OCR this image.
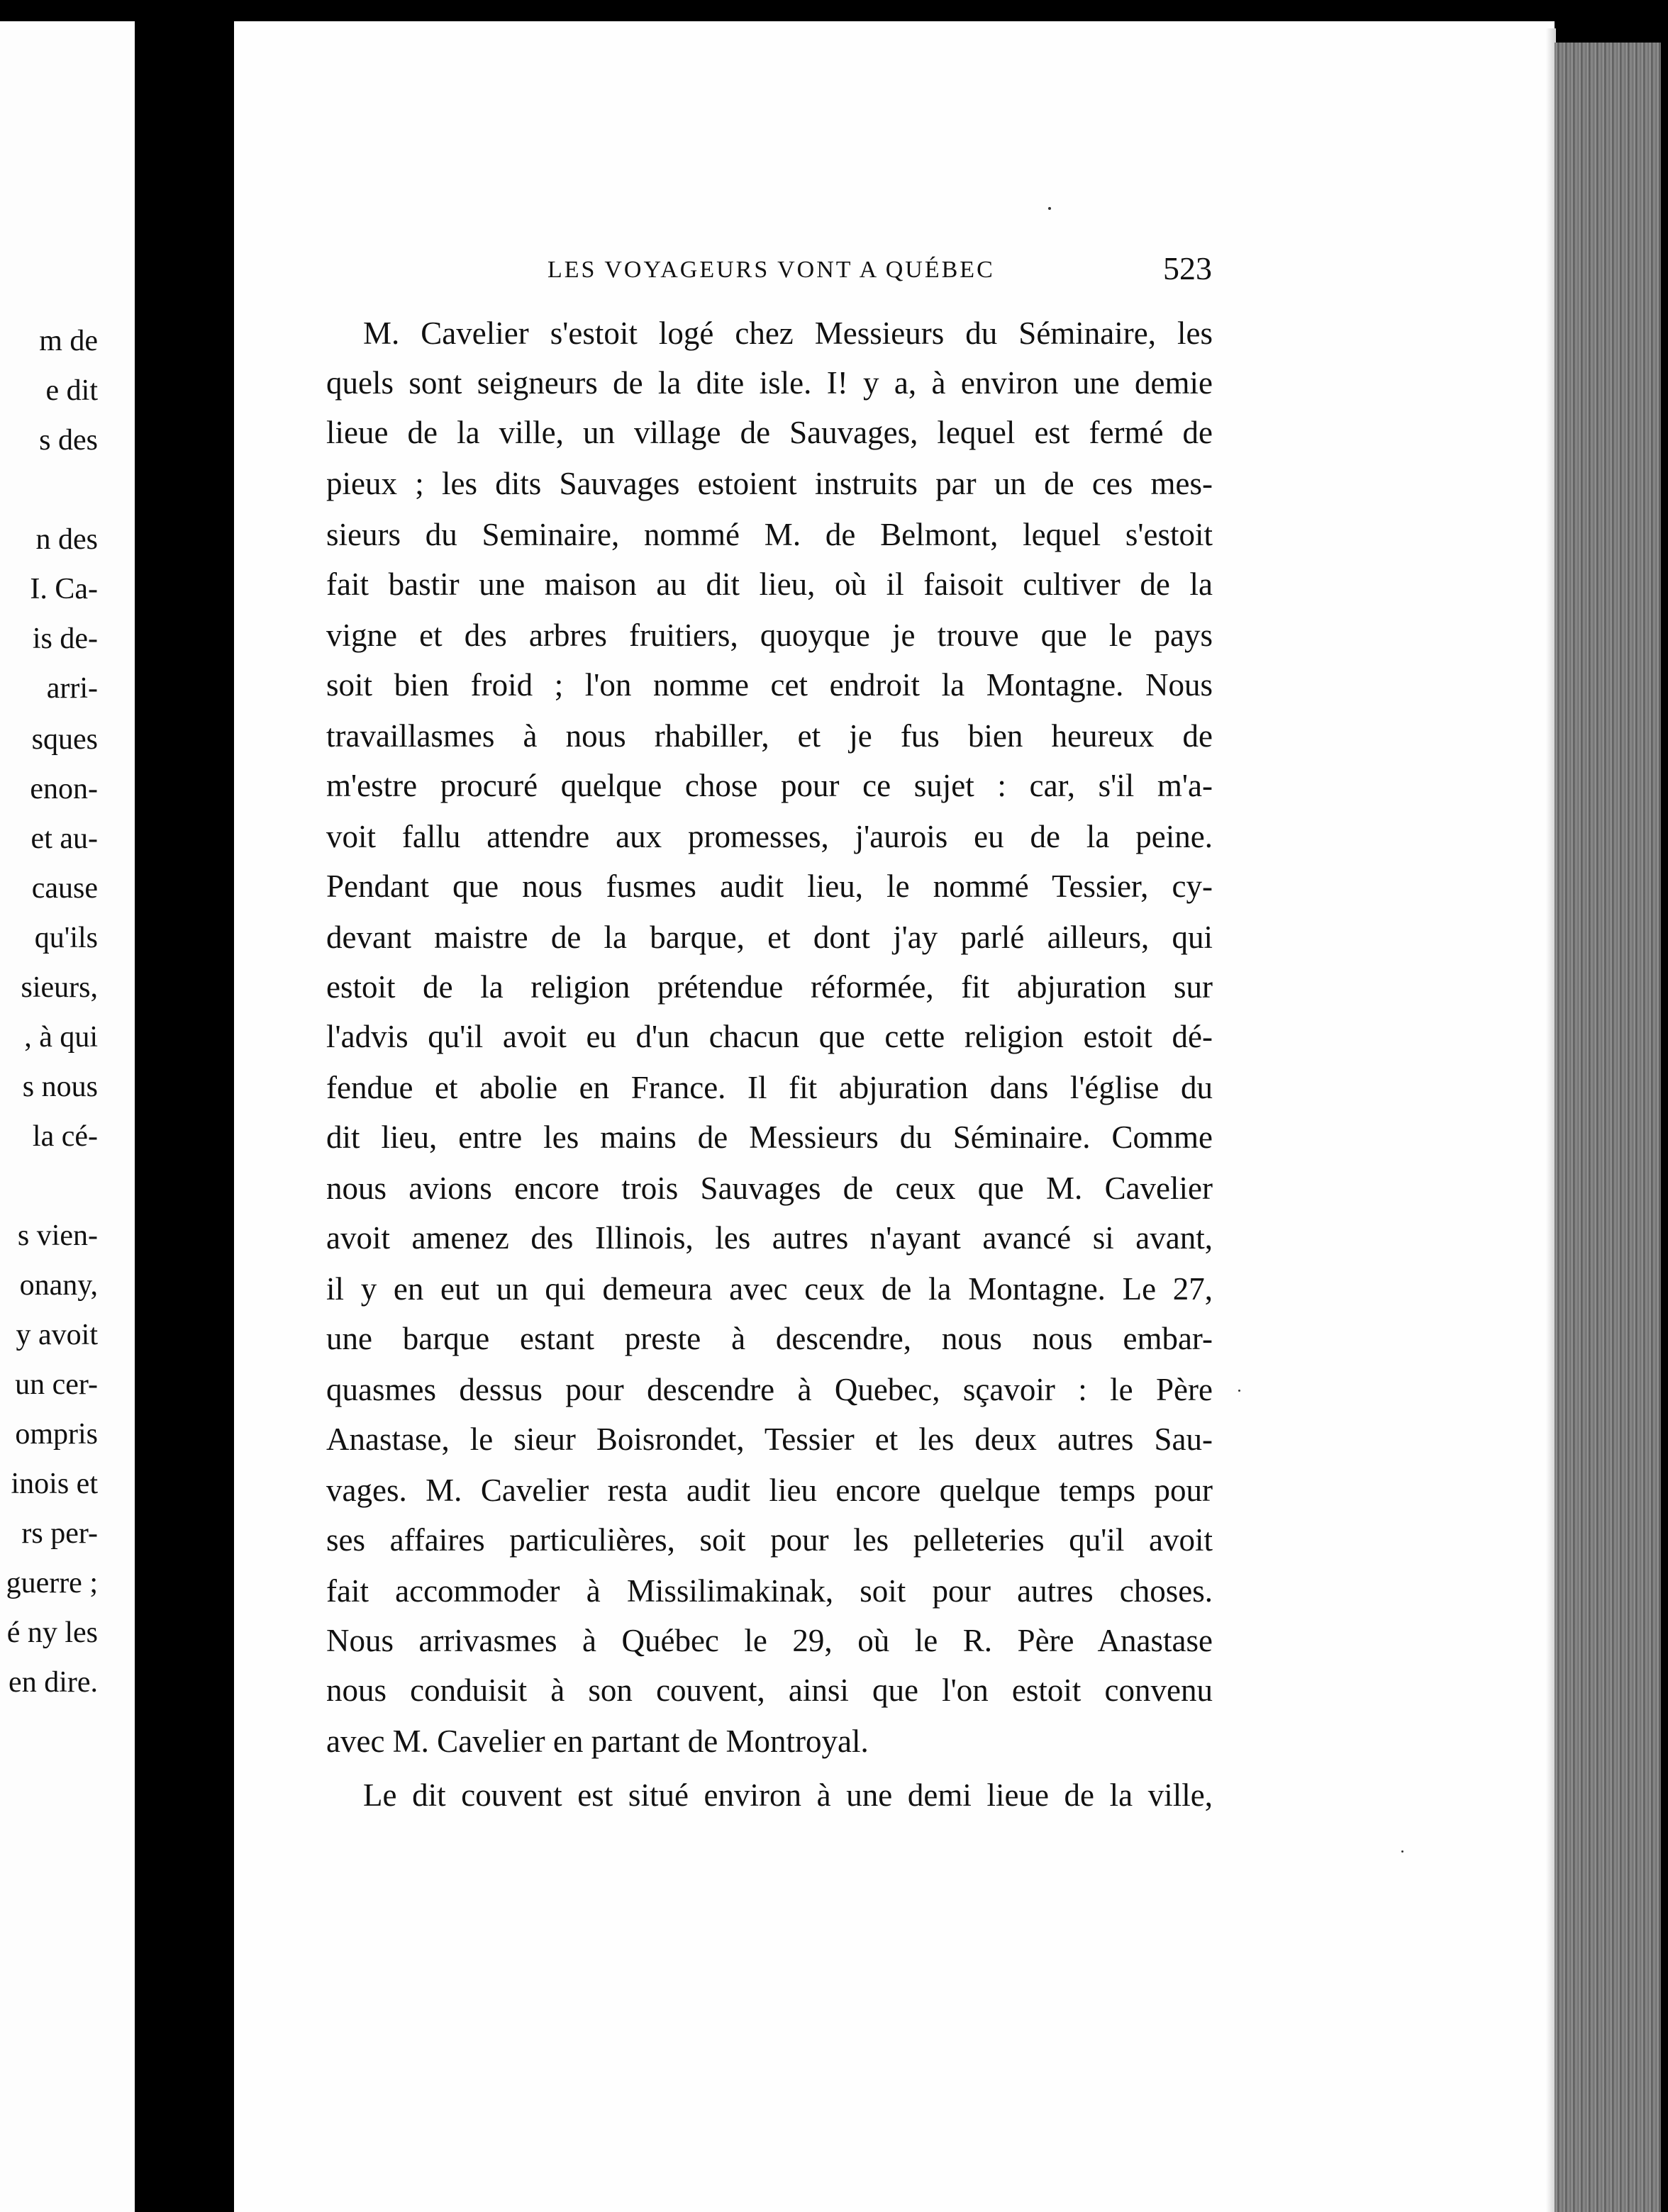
m de
e dit
s des
n des
I. Ca-
is de-
arri-
sques
enon-
et au-
cause
qu'ils
sieurs,
, à qui
s nous
la cé-
s vien-
onany,
y avoit
un cer-
ompris
inois et
rs per-
guerre ;
é ny les
en dire.
LES VOYAGEURS VONT A QUÉBEC	523
M. Cavelier s'estoit logé chez Messieurs du Séminaire, les
quels sont seigneurs de la dite isle. I! y a, à environ une demie
lieue de la ville, un village de Sauvages, lequel est fermé de
pieux ; les dits Sauvages estoient instruits par un de ces mes-
sieurs du Seminaire, nommé M. de Belmont, lequel s'estoit
fait bastir une maison au dit lieu, où il faisoit cultiver de la
vigne et des arbres fruitiers, quoyque je trouve que le pays
soit bien froid ; l'on nomme cet endroit la Montagne. Nous
travaillasmes à nous rhabiller, et je fus bien heureux de
m'estre procuré quelque chose pour ce sujet : car, s'il m'a-
voit fallu attendre aux promesses, j'aurois eu de la peine.
Pendant que nous fusmes audit lieu, le nommé Tessier, cy-
devant maistre de la barque, et dont j'ay parlé ailleurs, qui
estoit de la religion prétendue réformée, fit abjuration sur
l'advis qu'il avoit eu d'un chacun que cette religion estoit dé-
fendue et abolie en France. Il fit abjuration dans l'église du
dit lieu, entre les mains de Messieurs du Séminaire. Comme
nous avions encore trois Sauvages de ceux que M. Cavelier
avoit amenez des Illinois, les autres n'ayant avancé si avant,
il y en eut un qui demeura avec ceux de la Montagne. Le 27,
une barque estant preste à descendre, nous nous embar-
quasmes dessus pour descendre à Quebec, sçavoir : le Père
Anastase, le sieur Boisrondet, Tessier et les deux autres Sau-
vages. M. Cavelier resta audit lieu encore quelque temps pour
ses affaires particulières, soit pour les pelleteries qu'il avoit
fait accommoder à Missilimakinak, soit pour autres choses.
Nous arrivasmes à Québec le 29, où le R. Père Anastase
nous conduisit à son couvent, ainsi que l'on estoit convenu
avec M. Cavelier en partant de Montroyal.
Le dit couvent est situé environ à une demi lieue de la ville,
